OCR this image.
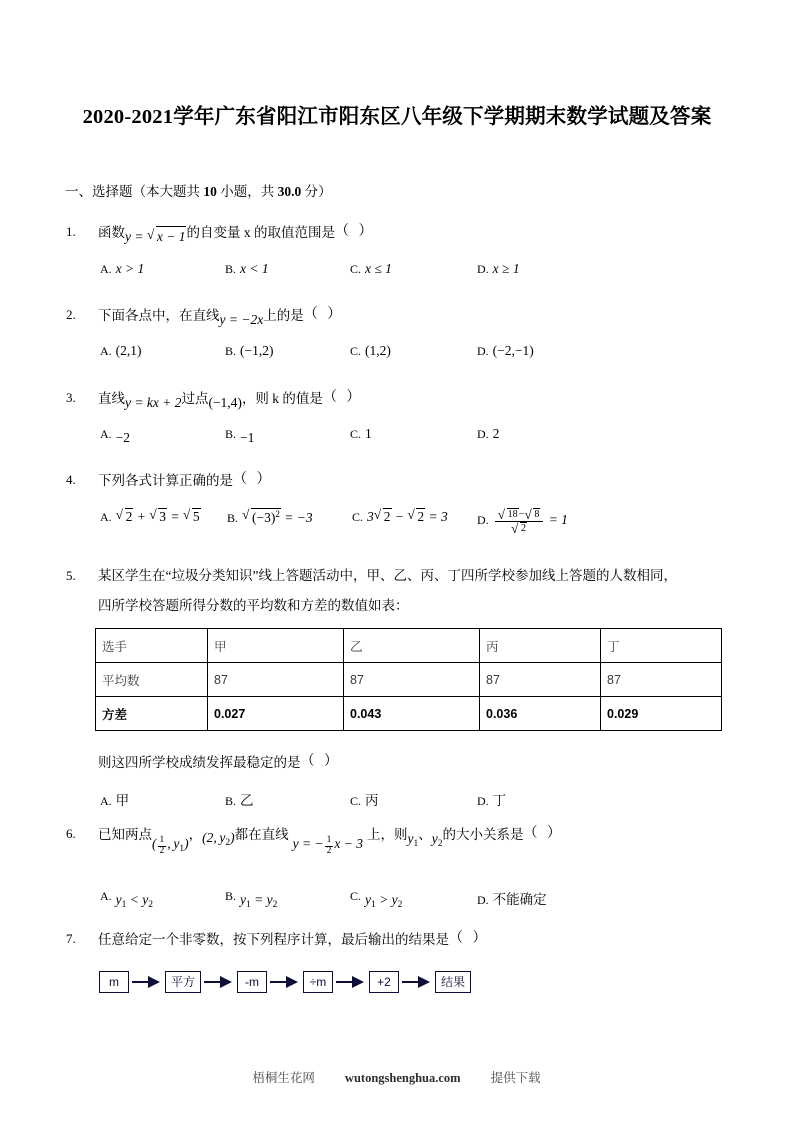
2020-2021学年广东省阳江市阳东区八年级下学期期末数学试题及答案
一、选择题（本大题共 10 小题，共 30.0 分）
1. 函数y = √ x − 1的自变量 x 的取值范围是（ ）
A. x > 1	B. x < 1	C. x ≤ 1	D. x ≥ 1
2. 下面各点中，在直线y = −2x上的是（ ）
A. (2,1)	B. (−1,2)	C. (1,2)	D. (−2,−1)
3. 直线y = kx + 2过点(−1,4)，则 k 的值是（ ）
A. −2	B. −1	C. 1	D. 2
4. 下列各式计算正确的是（ ）
A. √ 2 + √ 3 = √ 5 B. √ $(-3)^2 = -3$	C. 3 √ 2 − √ 2 = 3 D. √ 18− √ 8
√ 2 = 1
5. 某区学生在“垃圾分类知识”线上答题活动中，甲、乙、丙、丁四所学校参加线上答题的人数相同，
四所学校答题所得分数的平均数和方差的数值如表：
选手	甲	乙	丙	丁
平均数	87	87	87	87
方差	0.027	0.043	0.036	0.029
则这四所学校成绩发挥最稳定的是（ ）
A. 甲	B. 乙	C. 丙	D. 丁
6. 已知两点( $\frac{1}{2}$ , $y_1$)，(2, $y_2$)都在直线y = − $\frac{1}{2}$ x − 3上，则$y_1$、$y_2$的大小关系是（ ）
A. $y_1 < y_2$
B. $y_1 = y_2$
C. $y_1 > y_2$	D. 不能确定
7. 任意给定一个非零数，按下列程序计算，最后输出的结果是（ ）
m	平方	-m	÷m	+2	结果
梧桐生花网 wutongshenghua.com 提供下载
